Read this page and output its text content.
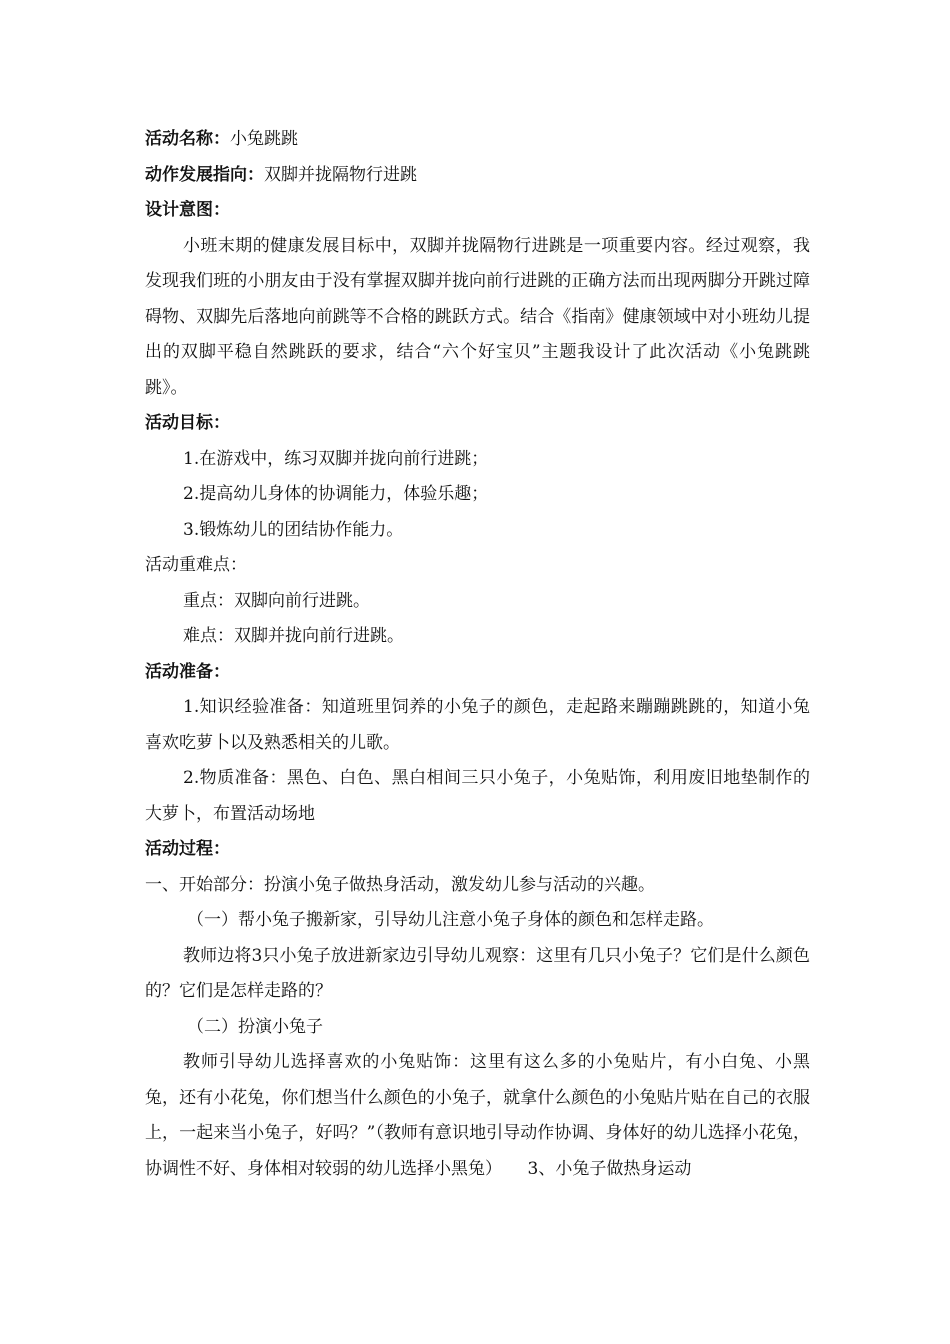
活动名称：小兔跳跳
动作发展指向：双脚并拢隔物行进跳
设计意图：
小班末期的健康发展目标中，双脚并拢隔物行进跳是一项重要内容。经过观察，我发现我们班的小朋友由于没有掌握双脚并拢向前行进跳的正确方法而出现两脚分开跳过障碍物、双脚先后落地向前跳等不合格的跳跃方式。结合《指南》健康领域中对小班幼儿提出的双脚平稳自然跳跃的要求，结合“六个好宝贝”主题我设计了此次活动《小兔跳跳跳》。
活动目标：
1.在游戏中，练习双脚并拢向前行进跳；
2.提高幼儿身体的协调能力，体验乐趣；
3.锻炼幼儿的团结协作能力。
活动重难点：
重点：双脚向前行进跳。
难点：双脚并拢向前行进跳。
活动准备：
1.知识经验准备：知道班里饲养的小兔子的颜色，走起路来蹦蹦跳跳的，知道小兔喜欢吃萝卜以及熟悉相关的儿歌。
2.物质准备：黑色、白色、黑白相间三只小兔子，小兔贴饰，利用废旧地垫制作的大萝卜，布置活动场地
活动过程：
一、开始部分：扮演小兔子做热身活动，激发幼儿参与活动的兴趣。
（一）帮小兔子搬新家，引导幼儿注意小兔子身体的颜色和怎样走路。
教师边将3只小兔子放进新家边引导幼儿观察：这里有几只小兔子？它们是什么颜色的？它们是怎样走路的？
（二）扮演小兔子
教师引导幼儿选择喜欢的小兔贴饰：这里有这么多的小兔贴片，有小白兔、小黑兔，还有小花兔，你们想当什么颜色的小兔子，就拿什么颜色的小兔贴片贴在自己的衣服上，一起来当小兔子，好吗？”（教师有意识地引导动作协调、身体好的幼儿选择小花兔，协调性不好、身体相对较弱的幼儿选择小黑兔）　　3、小兔子做热身运动
